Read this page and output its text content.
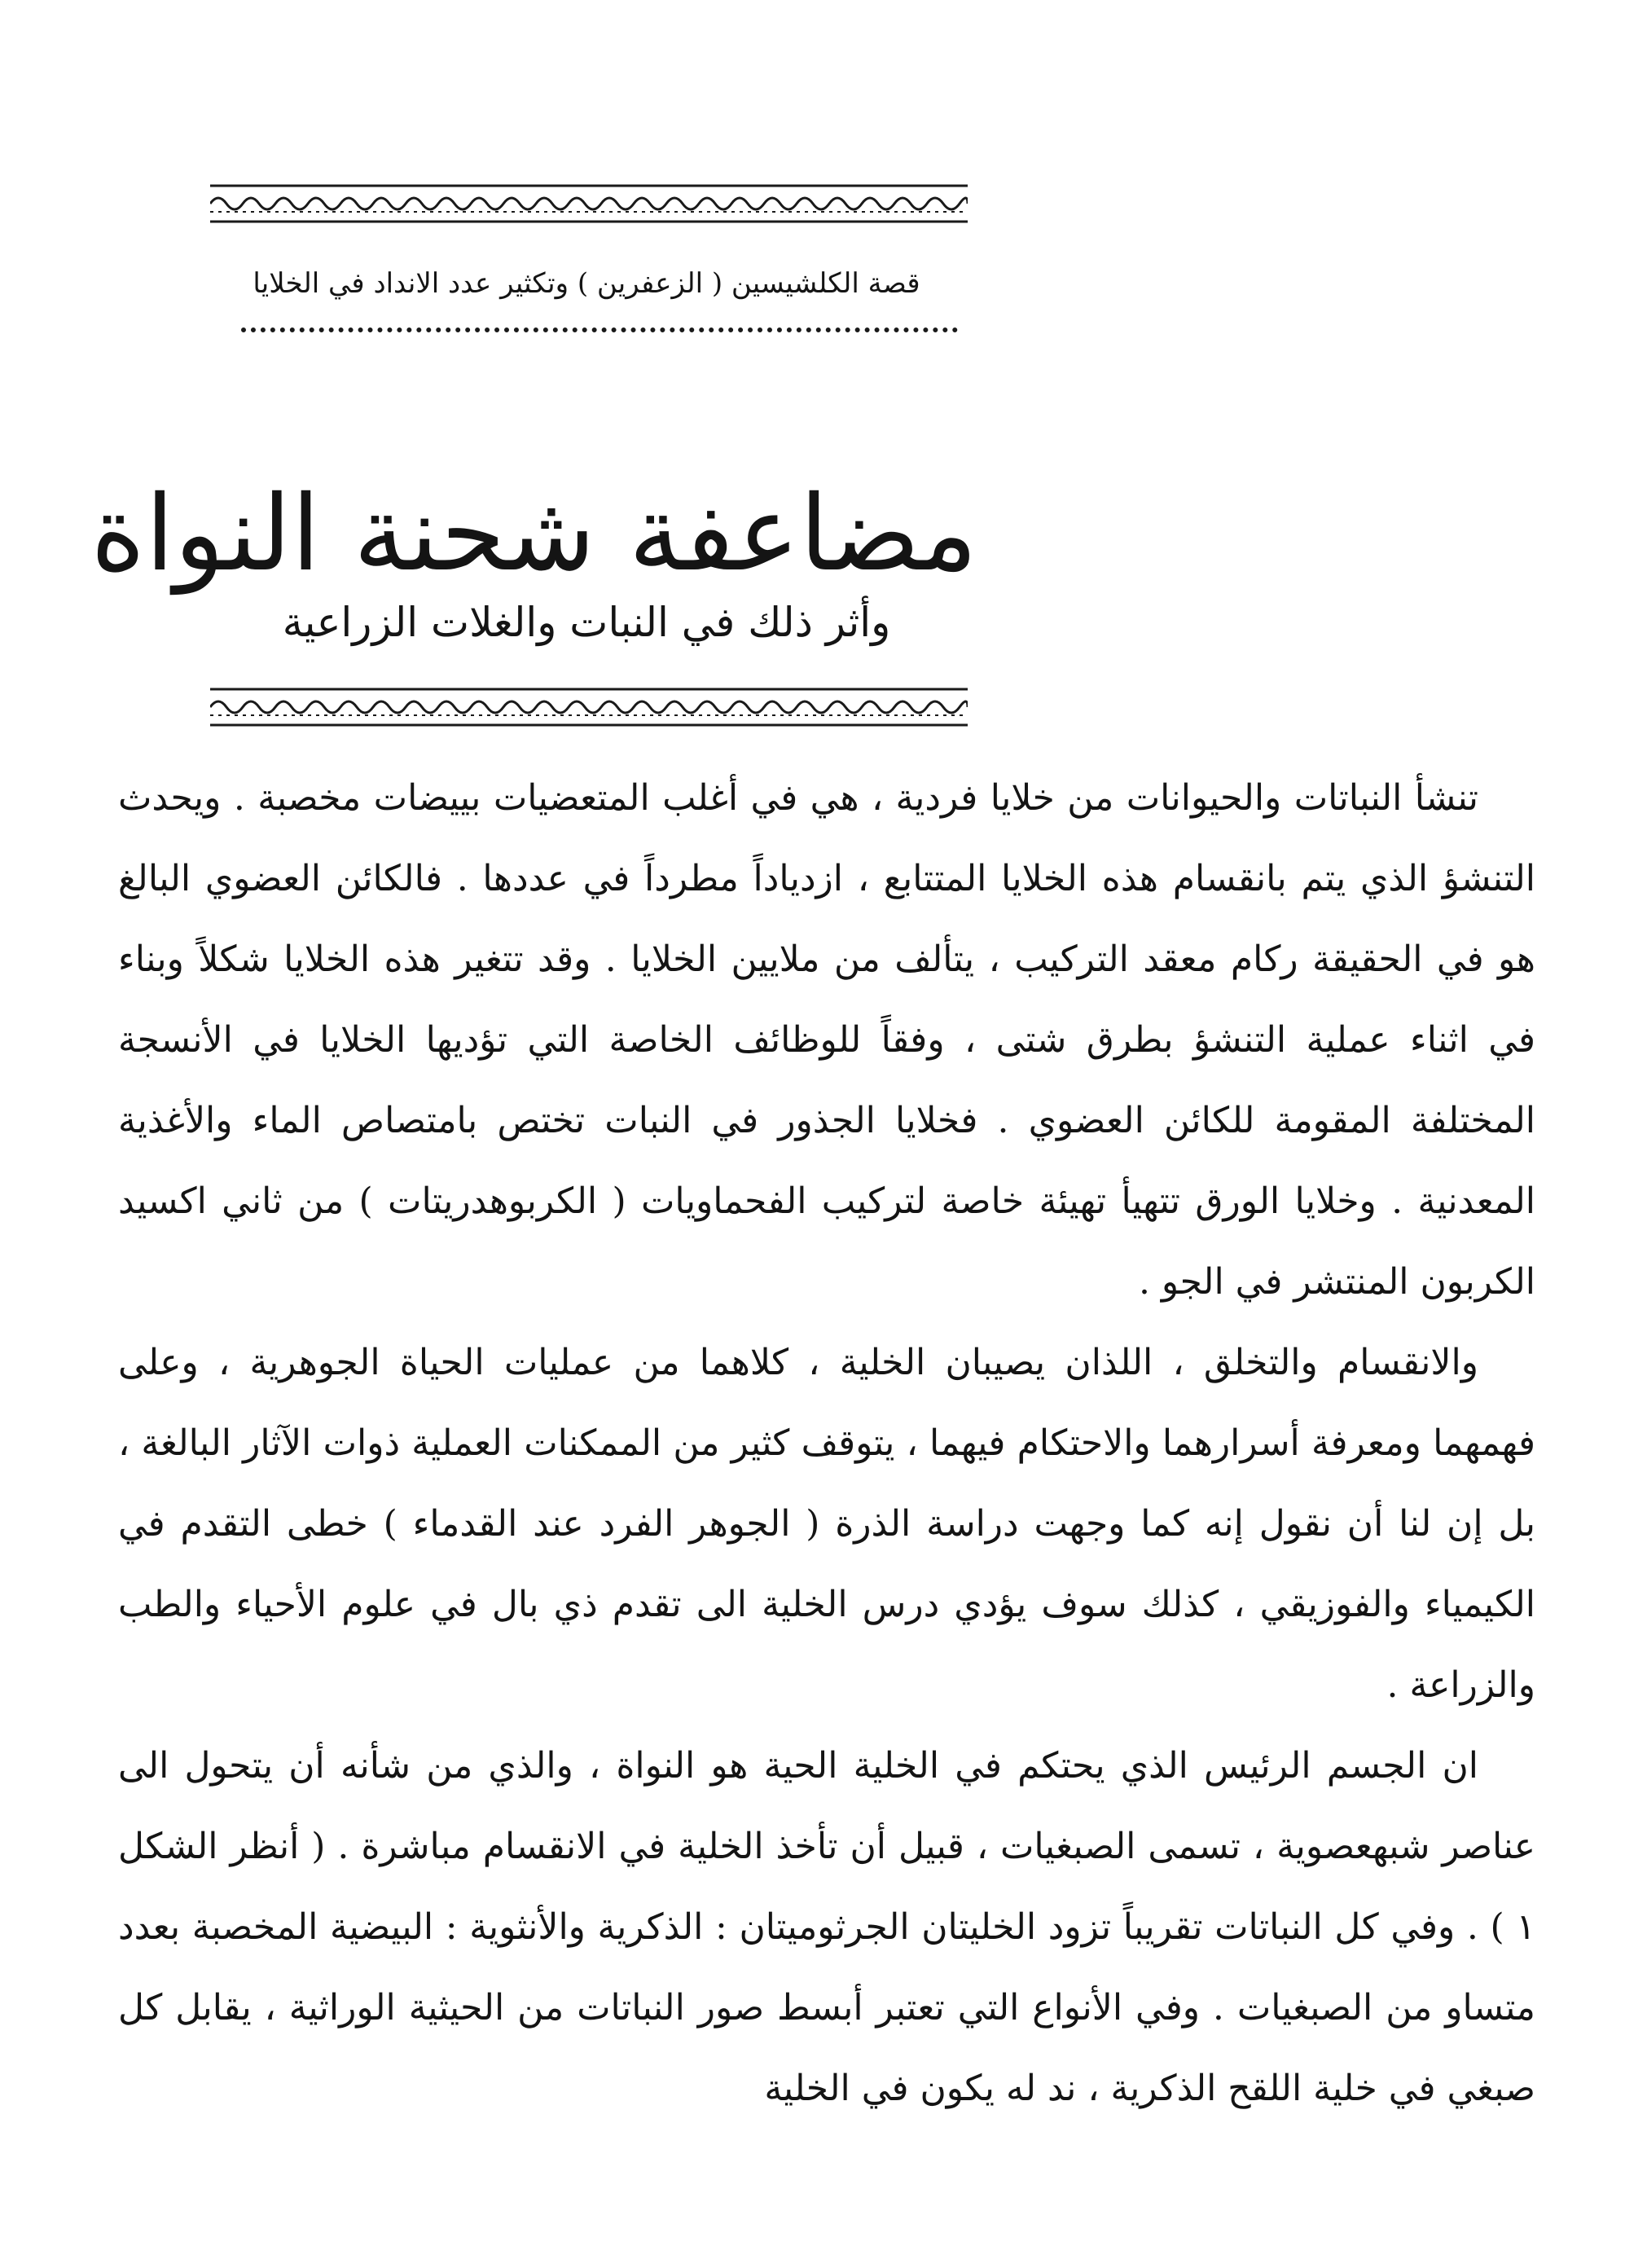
قصة الكلشيسين ( الزعفرين ) وتكثير عدد الانداد في الخلايا
مضاعفة شحنة النواة
وأثر ذلك في النبات والغلات الزراعية

تنشأ النباتات والحيوانات من خلايا فردية ، هي في أغلب المتعضيات بييضات مخصبة . ويحدث التنشؤ الذي يتم بانقسام هذه الخلايا المتتابع ، ازدياداً مطرداً في عددها . فالكائن العضوي البالغ هو في الحقيقة ركام معقد التركيب ، يتألف من ملايين الخلايا . وقد تتغير هذه الخلايا شكلاً وبناء في اثناء عملية التنشؤ بطرق شتى ، وفقاً للوظائف الخاصة التي تؤديها الخلايا في الأنسجة المختلفة المقومة للكائن العضوي . فخلايا الجذور في النبات تختص بامتصاص الماء والأغذية المعدنية . وخلايا الورق تتهيأ تهيئة خاصة لتركيب الفحماويات ( الكربوهدريتات ) من ثاني اكسيد الكربون المنتشر في الجو .

والانقسام والتخلق ، اللذان يصيبان الخلية ، كلاهما من عمليات الحياة الجوهرية ، وعلى فهمهما ومعرفة أسرارهما والاحتكام فيهما ، يتوقف كثير من الممكنات العملية ذوات الآثار البالغة ، بل إن لنا أن نقول إنه كما وجهت دراسة الذرة ( الجوهر الفرد عند القدماء ) خطى التقدم في الكيمياء والفوزيقي ، كذلك سوف يؤدي درس الخلية الى تقدم ذي بال في علوم الأحياء والطب والزراعة .

ان الجسم الرئيس الذي يحتكم في الخلية الحية هو النواة ، والذي من شأنه أن يتحول الى عناصر شبهعصوية ، تسمى الصبغيات ، قبيل أن تأخذ الخلية في الانقسام مباشرة . ( أنظر الشكل ١ ) . وفي كل النباتات تقريباً تزود الخليتان الجرثوميتان : الذكرية والأنثوية : البيضية المخصبة بعدد متساو من الصبغيات . وفي الأنواع التي تعتبر أبسط صور النباتات من الحيثية الوراثية ، يقابل كل صبغي في خلية اللقح الذكرية ، ند له يكون في الخلية
